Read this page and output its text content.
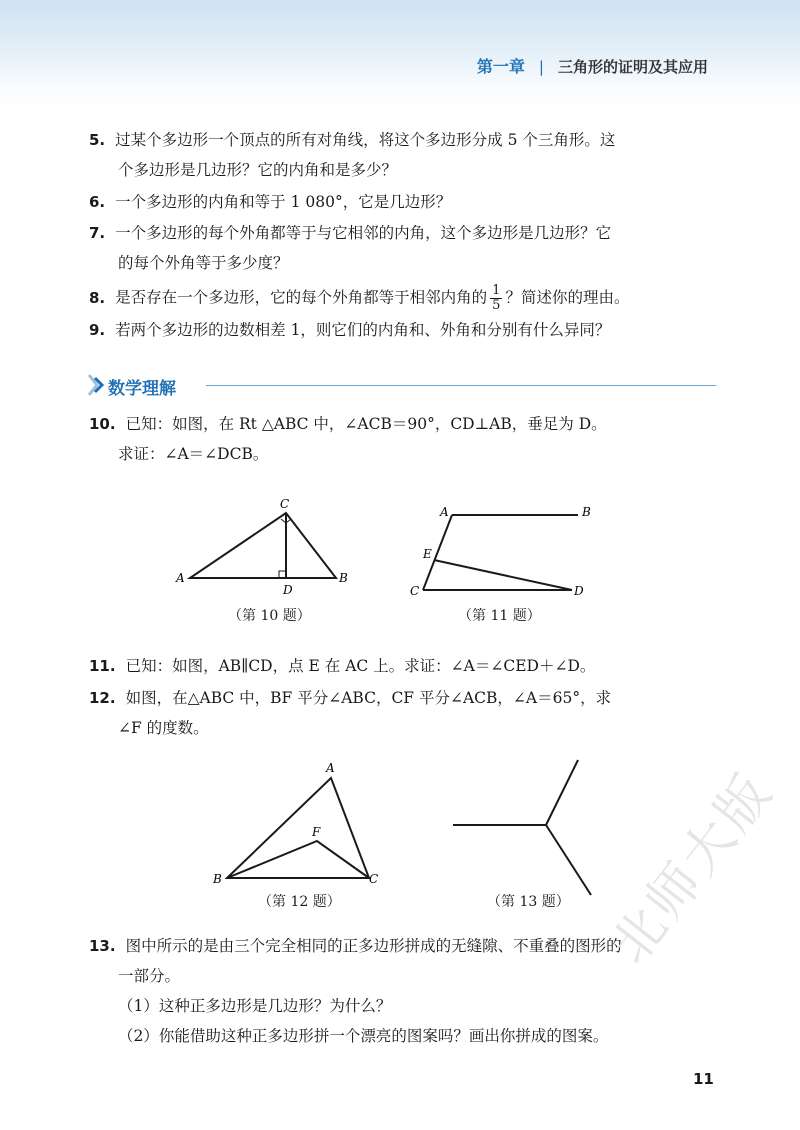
第一章 | 三角形的证明及其应用
5. 过某个多边形一个顶点的所有对角线，将这个多边形分成 5 个三角形。这
个多边形是几边形？它的内角和是多少？
6. 一个多边形的内角和等于 1 080°，它是几边形？
7. 一个多边形的每个外角都等于与它相邻的内角，这个多边形是几边形？它
的每个外角等于多少度？
8. 是否存在一个多边形，它的每个外角都等于相邻内角的 $\frac{1}{5}$ ？简述你的理由。
9. 若两个多边形的边数相差 1，则它们的内角和、外角和分别有什么异同？
数学理解
10. 已知：如图，在 Rt △ABC 中，∠ACB＝90°，CD⊥AB，垂足为 D。
求证：∠A＝∠DCB。
A	B
C
D
（第 10 题）
A	B
C	D
E
（第 11 题）
11. 已知：如图，AB∥CD，点 E 在 AC 上。求证：∠A＝∠CED＋∠D。
12. 如图，在△ABC 中，BF 平分∠ABC，CF 平分∠ACB，∠A＝65°，求
∠F 的度数。
A
B	C
F
（第 12 题）	（第 13 题）
13. 图中所示的是由三个完全相同的正多边形拼成的无缝隙、不重叠的图形的
一部分。
（1）这种正多边形是几边形？为什么？
（2）你能借助这种正多边形拼一个漂亮的图案吗？画出你拼成的图案。
北师大版
11
